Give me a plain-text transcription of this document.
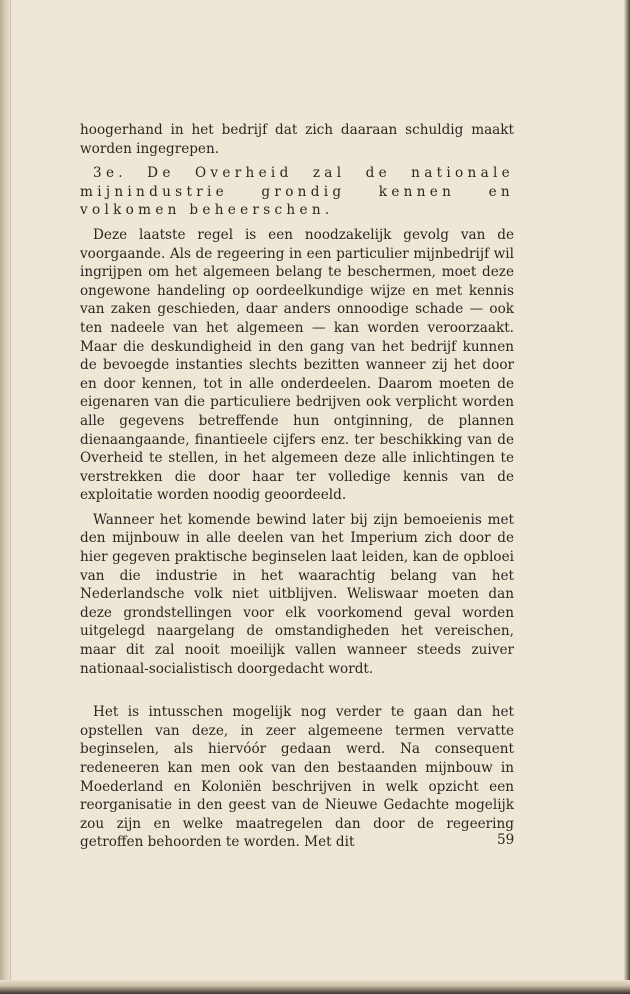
hoogerhand in het bedrijf dat zich daaraan schuldig maakt worden ingegrepen.

3e. De Overheid zal de nationale mijnindustrie grondig kennen en volkomen beheerschen.

Deze laatste regel is een noodzakelijk gevolg van de voorgaande. Als de regeering in een particulier mijnbedrijf wil ingrijpen om het algemeen belang te beschermen, moet deze ongewone handeling op oordeelkundige wijze en met kennis van zaken geschieden, daar anders onnoodige schade — ook ten nadeele van het algemeen — kan worden veroorzaakt. Maar die deskundigheid in den gang van het bedrijf kunnen de bevoegde instanties slechts bezitten wanneer zij het door en door kennen, tot in alle onderdeelen. Daarom moeten de eigenaren van die particuliere bedrijven ook verplicht worden alle gegevens betreffende hun ontginning, de plannen dienaangaande, finantieele cijfers enz. ter beschikking van de Overheid te stellen, in het algemeen deze alle inlichtingen te verstrekken die door haar ter volledige kennis van de exploitatie worden noodig geoordeeld.

Wanneer het komende bewind later bij zijn bemoeienis met den mijnbouw in alle deelen van het Imperium zich door de hier gegeven praktische beginselen laat leiden, kan de opbloei van die industrie in het waarachtig belang van het Nederlandsche volk niet uitblijven. Weliswaar moeten dan deze grondstellingen voor elk voorkomend geval worden uitgelegd naargelang de omstandigheden het vereischen, maar dit zal nooit moeilijk vallen wanneer steeds zuiver nationaal-socialistisch doorgedacht wordt.

Het is intusschen mogelijk nog verder te gaan dan het opstellen van deze, in zeer algemeene termen vervatte beginselen, als hiervóór gedaan werd. Na consequent redeneeren kan men ook van den bestaanden mijnbouw in Moederland en Koloniën beschrijven in welk opzicht een reorganisatie in den geest van de Nieuwe Gedachte mogelijk zou zijn en welke maatregelen dan door de regeering getroffen behoorden te worden. Met dit	59
